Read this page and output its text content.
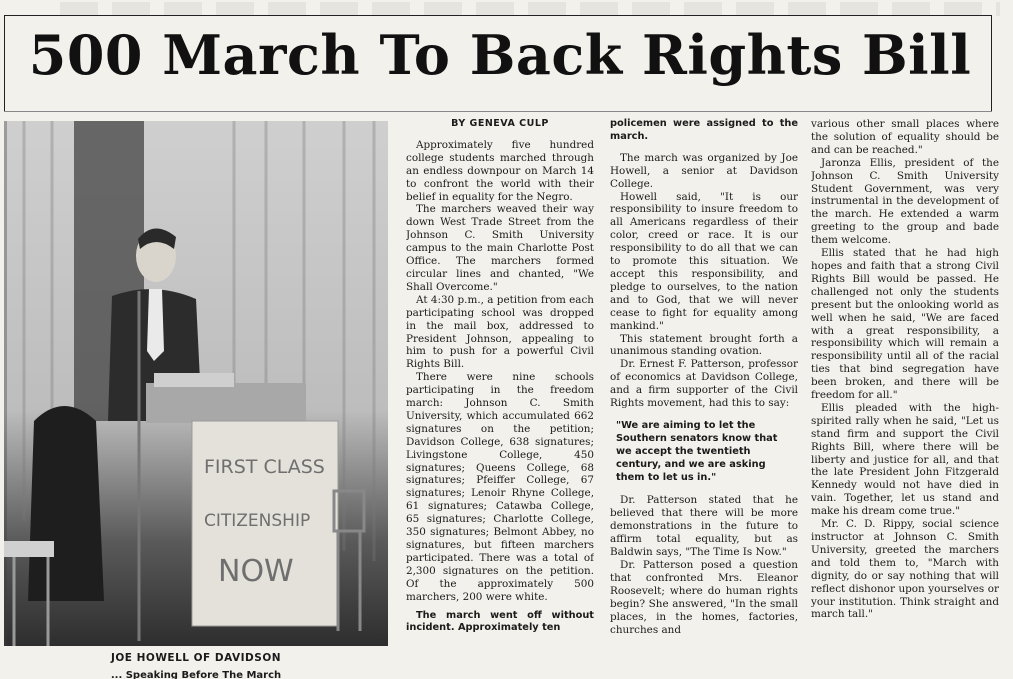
500 March To Back Rights Bill
FIRST CLASS
CITIZENSHIP
NOW
JOE HOWELL OF DAVIDSON
... Speaking Before The March

BY GENEVA CULP

Approximately five hundred college students marched through an endless downpour on March 14 to confront the world with their belief in equality for the Negro.

The marchers weaved their way down West Trade Street from the Johnson C. Smith University campus to the main Charlotte Post Office. The marchers formed circular lines and chanted, "We Shall Overcome."

At 4:30 p.m., a petition from each participating school was dropped in the mail box, addressed to President Johnson, appealing to him to push for a powerful Civil Rights Bill.

There were nine schools participating in the freedom march: Johnson C. Smith University, which accumulated 662 signatures on the petition; Davidson College, 638 signatures; Livingstone College, 450 signatures; Queens College, 68 signatures; Pfeiffer College, 67 signatures; Lenoir Rhyne College, 61 signatures; Catawba College, 65 signatures; Charlotte College, 350 signatures; Belmont Abbey, no signatures, but fifteen marchers participated. There was a total of 2,300 signatures on the petition. Of the approximately 500 marchers, 200 were white.

The march went off without incident. Approximately ten

policemen were assigned to the march.

The march was organized by Joe Howell, a senior at Davidson College.

Howell said, "It is our responsibility to insure freedom to all Americans regardless of their color, creed or race. It is our responsibility to do all that we can to promote this situation. We accept this responsibility, and pledge to ourselves, to the nation and to God, that we will never cease to fight for equality among mankind."

This statement brought forth a unanimous standing ovation.

Dr. Ernest F. Patterson, professor of economics at Davidson College, and a firm supporter of the Civil Rights movement, had this to say:

"We are aiming to let the Southern senators know that we accept the twentieth century, and we are asking them to let us in."

Dr. Patterson stated that he believed that there will be more demonstrations in the future to affirm total equality, but as Baldwin says, "The Time Is Now."

Dr. Patterson posed a question that confronted Mrs. Eleanor Roosevelt; where do human rights begin? She answered, "In the small places, in the homes, factories, churches and

various other small places where the solution of equality should be and can be reached."

Jaronza Ellis, president of the Johnson C. Smith University Student Government, was very instrumental in the development of the march. He extended a warm greeting to the group and bade them welcome.

Ellis stated that he had high hopes and faith that a strong Civil Rights Bill would be passed. He challenged not only the students present but the onlooking world as well when he said, "We are faced with a great responsibility, a responsibility which will remain a responsibility until all of the racial ties that bind segregation have been broken, and there will be freedom for all."

Ellis pleaded with the high-spirited rally when he said, "Let us stand firm and support the Civil Rights Bill, where there will be liberty and justice for all, and that the late President John Fitzgerald Kennedy would not have died in vain. Together, let us stand and make his dream come true."

Mr. C. D. Rippy, social science instructor at Johnson C. Smith University, greeted the marchers and told them to, "March with dignity, do or say nothing that will reflect dishonor upon yourselves or your institution. Think straight and march tall."
